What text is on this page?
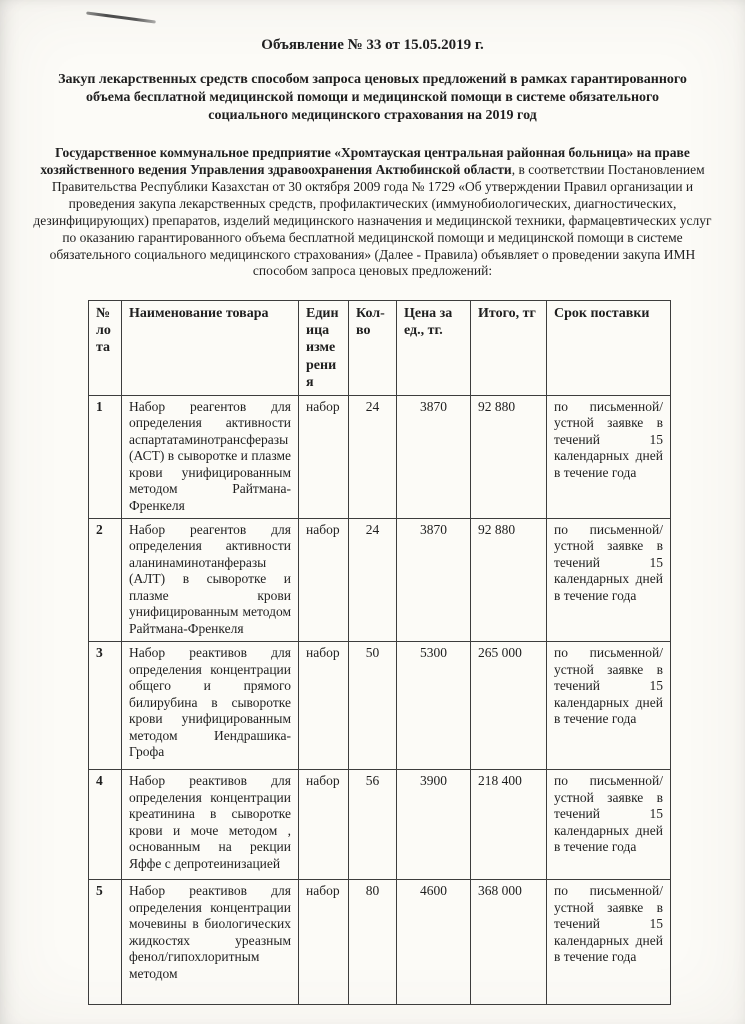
Объявление № 33 от 15.05.2019 г.
Закуп лекарственных средств способом запроса ценовых предложений в рамках гарантированного объема бесплатной медицинской помощи и медицинской помощи в системе обязательного социального медицинского страхования на 2019 год

Государственное коммунальное предприятие «Хромтауская центральная районная больница» на праве хозяйственного ведения Управления здравоохранения Актюбинской области, в соответствии Постановлением Правительства Республики Казахстан от 30 октября 2009 года № 1729 «Об утверждении Правил организации и проведения закупа лекарственных средств, профилактических (иммунобиологических, диагностических, дезинфицирующих) препаратов, изделий медицинского назначения и медицинской техники, фармацевтических услуг по оказанию гарантированного объема бесплатной медицинской помощи и медицинской помощи в системе обязательного социального медицинского страхования» (Далее - Правила) объявляет о проведении закупа ИМН способом запроса ценовых предложений:

№ лота	Наименование товара	Единица измерения	Кол-во	Цена за ед., тг.	Итого, тг	Срок поставки
1	Набор реагентов для определения активности аспартатаминотрансферазы (АСТ) в сыворотке и плазме крови унифицированным методом Райтмана-Френкеля	набор	24	3870	92 880	по письменной/устной заявке в течений 15 календарных дней в течение года
2	Набор реагентов для определения активности аланинаминотанферазы (АЛТ) в сыворотке и плазме крови унифицированным методом Райтмана-Френкеля	набор	24	3870	92 880	по письменной/устной заявке в течений 15 календарных дней в течение года
3	Набор реактивов для определения концентрации общего и прямого билирубина в сыворотке крови унифицированным методом Иендрашика-Грофа	набор	50	5300	265 000	по письменной/устной заявке в течений 15 календарных дней в течение года
4	Набор реактивов для определения концентрации креатинина в сыворотке крови и моче методом , основанным на рекции Яффе с депротеинизацией	набор	56	3900	218 400	по письменной/устной заявке в течений 15 календарных дней в течение года
5	Набор реактивов для определения концентрации мочевины в биологических жидкостях уреазным фенол/гипохлоритным методом	набор	80	4600	368 000	по письменной/устной заявке в течений 15 календарных дней в течение года
